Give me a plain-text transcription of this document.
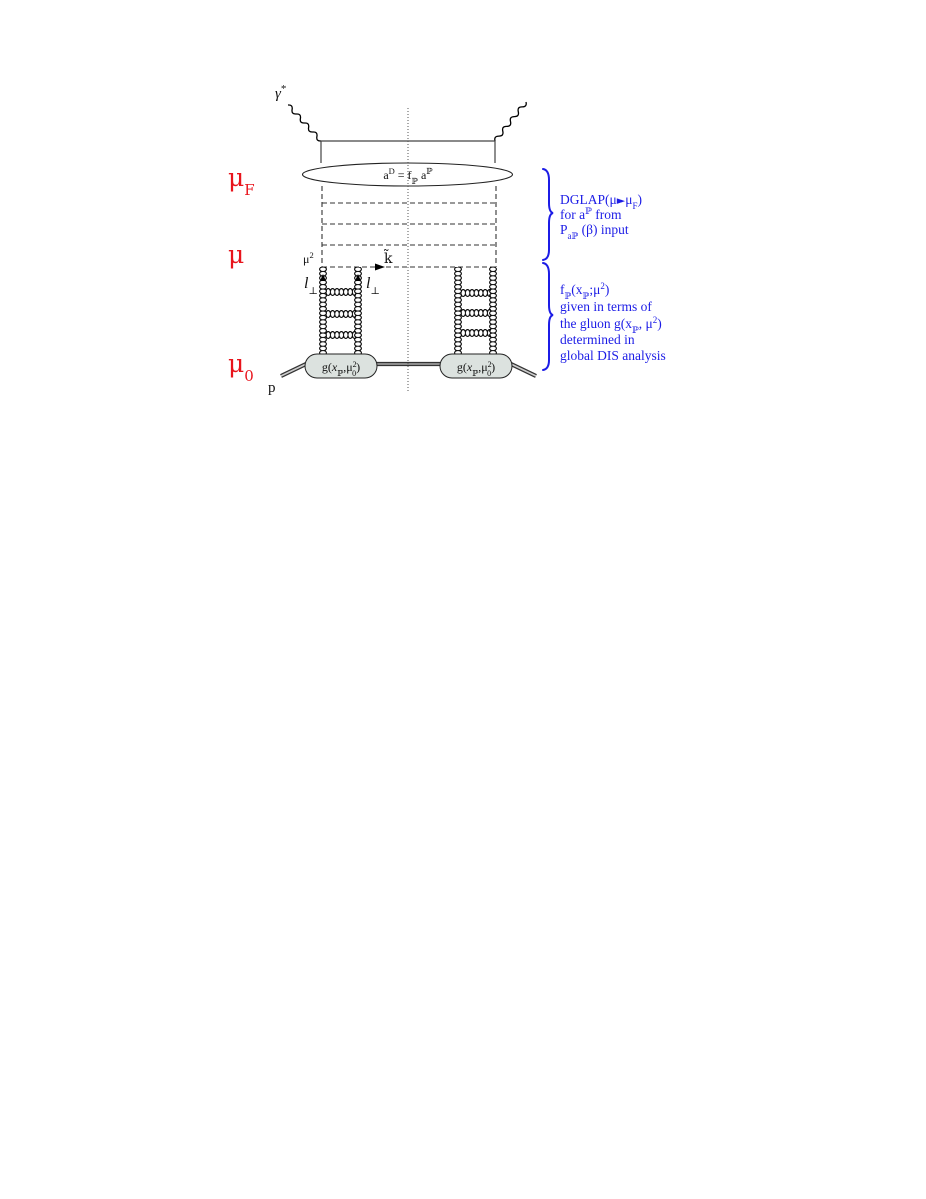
γ*
$a^D = f_ℙ$ $a^ℙ$
$\mu^2$	k̃
$l_\perp$	$l_\perp$
p
$g(x_ℙ,\mu^2$ $_0$)	$g(x_ℙ,\mu^2$ $_0$)
$\mu_F$
μ
$\mu_0$
$DGLAP(\mu►\mu_F)$
for $a^ℙ$ from
$P_{aℙ}$ (β) input
$f_ℙ(x_ℙ;\mu^2)$
given in terms of
the gluon $g(x_ℙ$, $\mu^2$)
determined in
global DIS analysis
